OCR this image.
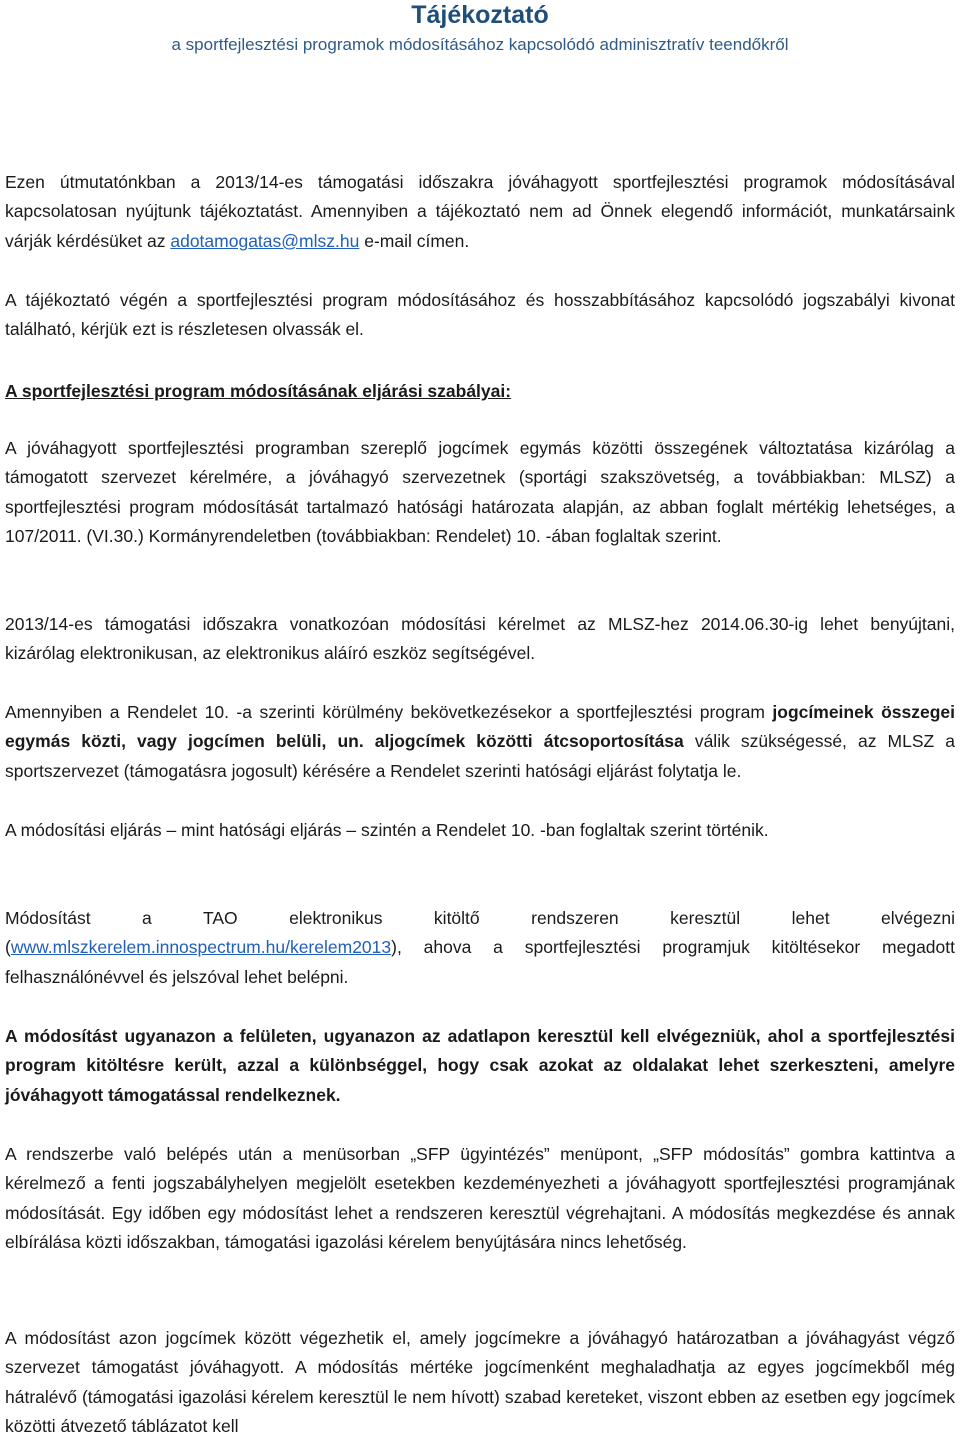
Tájékoztató
a sportfejlesztési programok módosításához kapcsolódó adminisztratív teendőkről
Ezen útmutatónkban a 2013/14-es támogatási időszakra jóváhagyott sportfejlesztési programok módosításával kapcsolatosan nyújtunk tájékoztatást. Amennyiben a tájékoztató nem ad Önnek elegendő információt, munkatársaink várják kérdésüket az adotamogatas@mlsz.hu e-mail címen.
A tájékoztató végén a sportfejlesztési program módosításához és hosszabbításához kapcsolódó jogszabályi kivonat található, kérjük ezt is részletesen olvassák el.
A sportfejlesztési program módosításának eljárási szabályai:
A jóváhagyott sportfejlesztési programban szereplő jogcímek egymás közötti összegének változtatása kizárólag a támogatott szervezet kérelmére, a jóváhagyó szervezetnek (sportági szakszövetség, a továbbiakban: MLSZ) a sportfejlesztési program módosítását tartalmazó hatósági határozata alapján, az abban foglalt mértékig lehetséges, a 107/2011. (VI.30.) Kormányrendeletben (továbbiakban: Rendelet) 10. -ában foglaltak szerint.
2013/14-es támogatási időszakra vonatkozóan módosítási kérelmet az MLSZ-hez 2014.06.30-ig lehet benyújtani, kizárólag elektronikusan, az elektronikus aláíró eszköz segítségével.
Amennyiben a Rendelet 10. -a szerinti körülmény bekövetkezésekor a sportfejlesztési program jogcímeinek összegei egymás közti, vagy jogcímen belüli, un. aljogcímek közötti átcsoportosítása válik szükségessé, az MLSZ a sportszervezet (támogatásra jogosult) kérésére a Rendelet szerinti hatósági eljárást folytatja le.
A módosítási eljárás – mint hatósági eljárás – szintén a Rendelet 10. -ban foglaltak szerint történik.
Módosítást a TAO elektronikus kitöltő rendszeren keresztül lehet elvégezni (www.mlszkerelem.innospectrum.hu/kerelem2013), ahova a sportfejlesztési programjuk kitöltésekor megadott felhasználónévvel és jelszóval lehet belépni.
A módosítást ugyanazon a felületen, ugyanazon az adatlapon keresztül kell elvégezniük, ahol a sportfejlesztési program kitöltésre került, azzal a különbséggel, hogy csak azokat az oldalakat lehet szerkeszteni, amelyre jóváhagyott támogatással rendelkeznek.
A rendszerbe való belépés után a menüsorban „SFP ügyintézés” menüpont, „SFP módosítás” gombra kattintva a kérelmező a fenti jogszabályhelyen megjelölt esetekben kezdeményezheti a jóváhagyott sportfejlesztési programjának módosítását. Egy időben egy módosítást lehet a rendszeren keresztül végrehajtani. A módosítás megkezdése és annak elbírálása közti időszakban, támogatási igazolási kérelem benyújtására nincs lehetőség.
A módosítást azon jogcímek között végezhetik el, amely jogcímekre a jóváhagyó határozatban a jóváhagyást végző szervezet támogatást jóváhagyott. A módosítás mértéke jogcímenként meghaladhatja az egyes jogcímekből még hátralévő (támogatási igazolási kérelem keresztül le nem hívott) szabad kereteket, viszont ebben az esetben egy jogcímek közötti átvezető táblázatot kell
